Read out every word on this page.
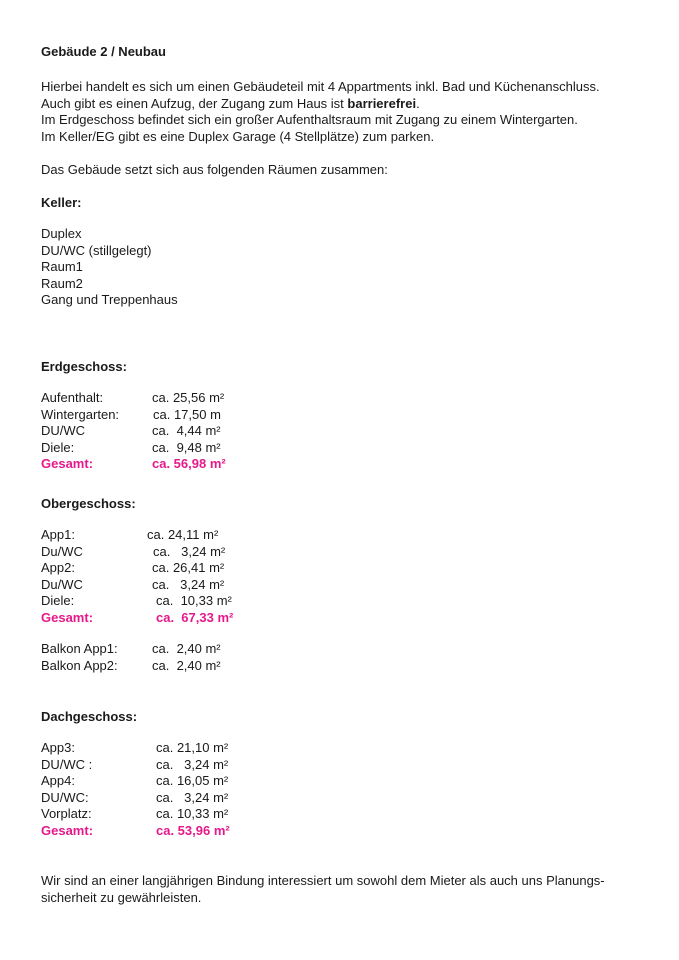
Gebäude 2 / Neubau
Hierbei handelt es sich um einen Gebäudeteil mit 4 Appartments inkl. Bad und Küchenanschluss.
Auch gibt es einen Aufzug, der Zugang zum Haus ist barrierefrei.
Im Erdgeschoss befindet sich ein großer Aufenthaltsraum mit Zugang zu einem Wintergarten.
Im Keller/EG gibt es eine Duplex Garage (4 Stellplätze) zum parken.

Das Gebäude setzt sich aus folgenden Räumen zusammen:

Keller:
Duplex
DU/WC (stillgelegt)
Raum1
Raum2
Gang und Treppenhaus
Erdgeschoss:
Aufenthalt:	ca. 25,56 m²
Wintergarten:	ca. 17,50 m
DU/WC	ca.  4,44 m²
Diele:	ca.  9,48 m²
Gesamt:	ca. 56,98 m²
Obergeschoss:
App1:	ca. 24,11 m²
Du/WC	ca.   3,24 m²
App2:	ca. 26,41 m²
Du/WC	ca.   3,24 m²
Diele:	ca.  10,33 m²
Gesamt:	ca.  67,33 m²
Balkon App1:	ca.  2,40 m²
Balkon App2:	ca.  2,40 m²
Dachgeschoss:
App3:	ca. 21,10 m²
DU/WC :	ca.   3,24 m²
App4:	ca. 16,05 m²
DU/WC:	ca.   3,24 m²
Vorplatz:	ca. 10,33 m²
Gesamt:	ca. 53,96 m²

Wir sind an einer langjährigen Bindung interessiert um sowohl dem Mieter als auch uns Planungs-sicherheit zu gewährleisten.
